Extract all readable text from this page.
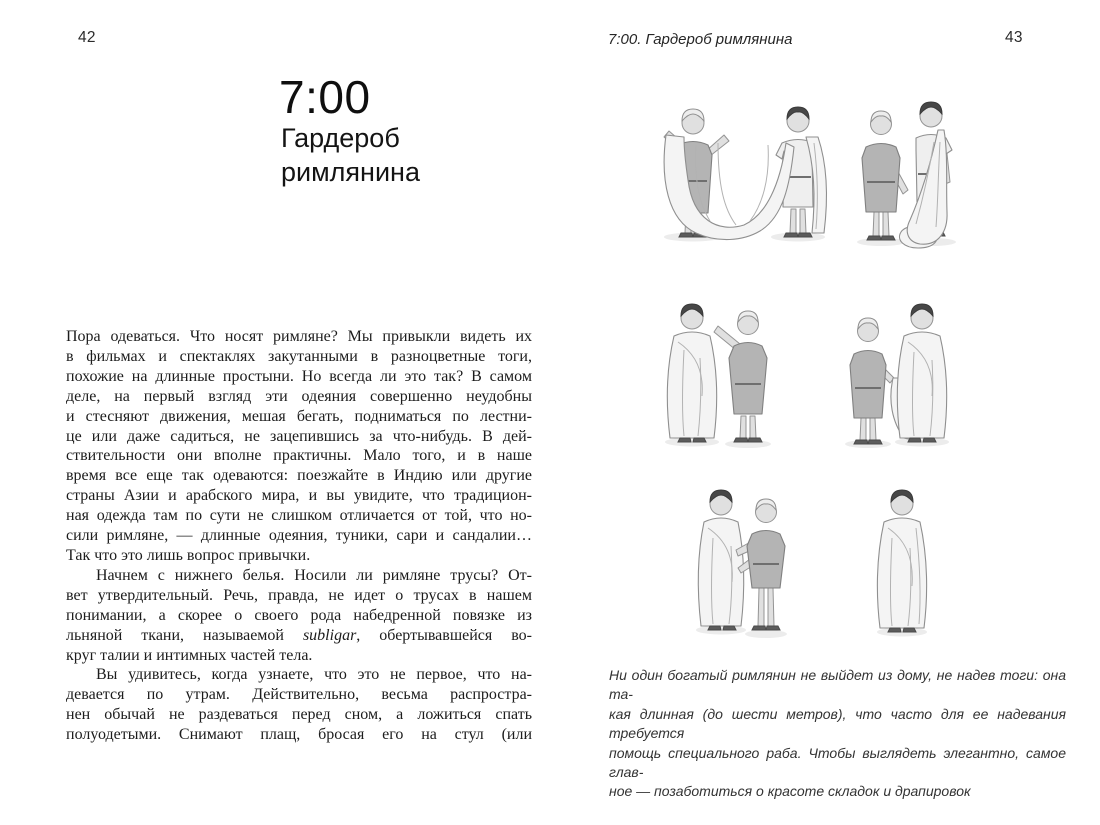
42
7:00
Гардероб
римлянина
Пора одеваться. Что носят римляне? Мы привыкли видеть их
в фильмах и спектаклях закутанными в разноцветные тоги,
похожие на длинные простыни. Но всегда ли это так? В самом
деле, на первый взгляд эти одеяния совершенно неудобны
и стесняют движения, мешая бегать, подниматься по лестни-
це или даже садиться, не зацепившись за что-нибудь. В дей-
ствительности они вполне практичны. Мало того, и в наше
время все еще так одеваются: поезжайте в Индию или другие
страны Азии и арабского мира, и вы увидите, что традицион-
ная одежда там по сути не слишком отличается от той, что но-
сили римляне, — длинные одеяния, туники, сари и сандалии…
Так что это лишь вопрос привычки.
Начнем с нижнего белья. Носили ли римляне трусы? От-
вет утвердительный. Речь, правда, не идет о трусах в нашем
понимании, а скорее о своего рода набедренной повязке из
льняной ткани, называемой subligar, обертывавшейся во-
круг талии и интимных частей тела.
Вы удивитесь, когда узнаете, что это не первое, что на-
девается по утрам. Действительно, весьма распростра-
нен обычай не раздеваться перед сном, а ложиться спать
полуодетыми. Снимают плащ, бросая его на стул (или
7:00. Гардероб римлянина	43
Ни один богатый римлянин не выйдет из дому, не надев тоги: она та-
кая длинная (до шести метров), что часто для ее надевания требуется
помощь специального раба. Чтобы выглядеть элегантно, самое глав-
ное — позаботиться о красоте складок и драпировок
